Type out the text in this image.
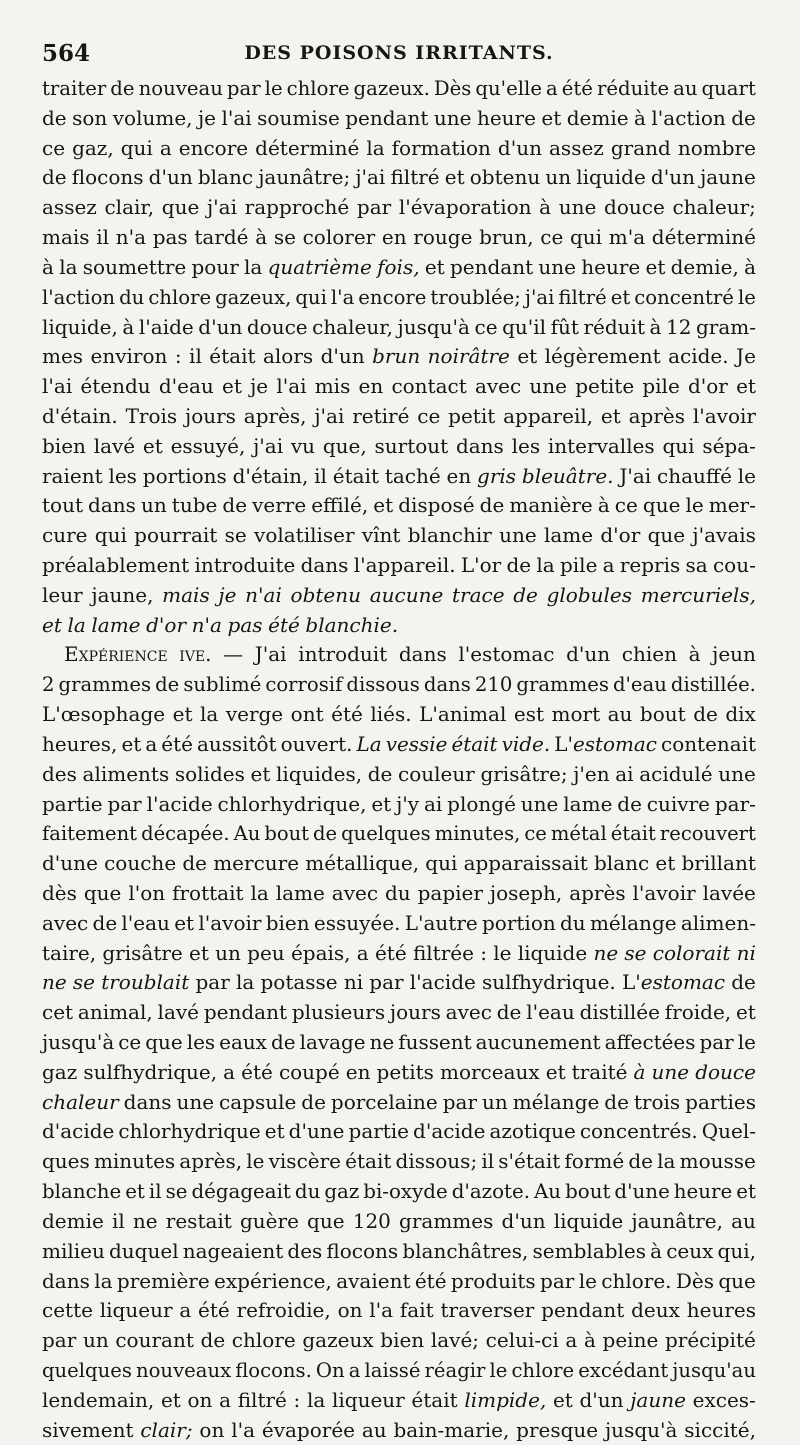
564	DES POISONS IRRITANTS.
traiter de nouveau par le chlore gazeux. Dès qu'elle a été réduite au quart
de son volume, je l'ai soumise pendant une heure et demie à l'action de
ce gaz, qui a encore déterminé la formation d'un assez grand nombre
de flocons d'un blanc jaunâtre; j'ai filtré et obtenu un liquide d'un jaune
assez clair, que j'ai rapproché par l'évaporation à une douce chaleur;
mais il n'a pas tardé à se colorer en rouge brun, ce qui m'a déterminé
à la soumettre pour la quatrième fois, et pendant une heure et demie, à
l'action du chlore gazeux, qui l'a encore troublée; j'ai filtré et concentré le
liquide, à l'aide d'un douce chaleur, jusqu'à ce qu'il fût réduit à 12 gram-
mes environ : il était alors d'un brun noirâtre et légèrement acide. Je
l'ai étendu d'eau et je l'ai mis en contact avec une petite pile d'or et
d'étain. Trois jours après, j'ai retiré ce petit appareil, et après l'avoir
bien lavé et essuyé, j'ai vu que, surtout dans les intervalles qui sépa-
raient les portions d'étain, il était taché en gris bleuâtre. J'ai chauffé le
tout dans un tube de verre effilé, et disposé de manière à ce que le mer-
cure qui pourrait se volatiliser vînt blanchir une lame d'or que j'avais
préalablement introduite dans l'appareil. L'or de la pile a repris sa cou-
leur jaune, mais je n'ai obtenu aucune trace de globules mercuriels,
et la lame d'or n'a pas été blanchie.
Expérience ive. — J'ai introduit dans l'estomac d'un chien à jeun
2 grammes de sublimé corrosif dissous dans 210 grammes d'eau distillée.
L'œsophage et la verge ont été liés. L'animal est mort au bout de dix
heures, et a été aussitôt ouvert. La vessie était vide. L'estomac contenait
des aliments solides et liquides, de couleur grisâtre; j'en ai acidulé une
partie par l'acide chlorhydrique, et j'y ai plongé une lame de cuivre par-
faitement décapée. Au bout de quelques minutes, ce métal était recouvert
d'une couche de mercure métallique, qui apparaissait blanc et brillant
dès que l'on frottait la lame avec du papier joseph, après l'avoir lavée
avec de l'eau et l'avoir bien essuyée. L'autre portion du mélange alimen-
taire, grisâtre et un peu épais, a été filtrée : le liquide ne se colorait ni
ne se troublait par la potasse ni par l'acide sulfhydrique. L'estomac de
cet animal, lavé pendant plusieurs jours avec de l'eau distillée froide, et
jusqu'à ce que les eaux de lavage ne fussent aucunement affectées par le
gaz sulfhydrique, a été coupé en petits morceaux et traité à une douce
chaleur dans une capsule de porcelaine par un mélange de trois parties
d'acide chlorhydrique et d'une partie d'acide azotique concentrés. Quel-
ques minutes après, le viscère était dissous; il s'était formé de la mousse
blanche et il se dégageait du gaz bi-oxyde d'azote. Au bout d'une heure et
demie il ne restait guère que 120 grammes d'un liquide jaunâtre, au
milieu duquel nageaient des flocons blanchâtres, semblables à ceux qui,
dans la première expérience, avaient été produits par le chlore. Dès que
cette liqueur a été refroidie, on l'a fait traverser pendant deux heures
par un courant de chlore gazeux bien lavé; celui-ci a à peine précipité
quelques nouveaux flocons. On a laissé réagir le chlore excédant jusqu'au
lendemain, et on a filtré : la liqueur était limpide, et d'un jaune exces-
sivement clair; on l'a évaporée au bain-marie, presque jusqu'à siccité,
